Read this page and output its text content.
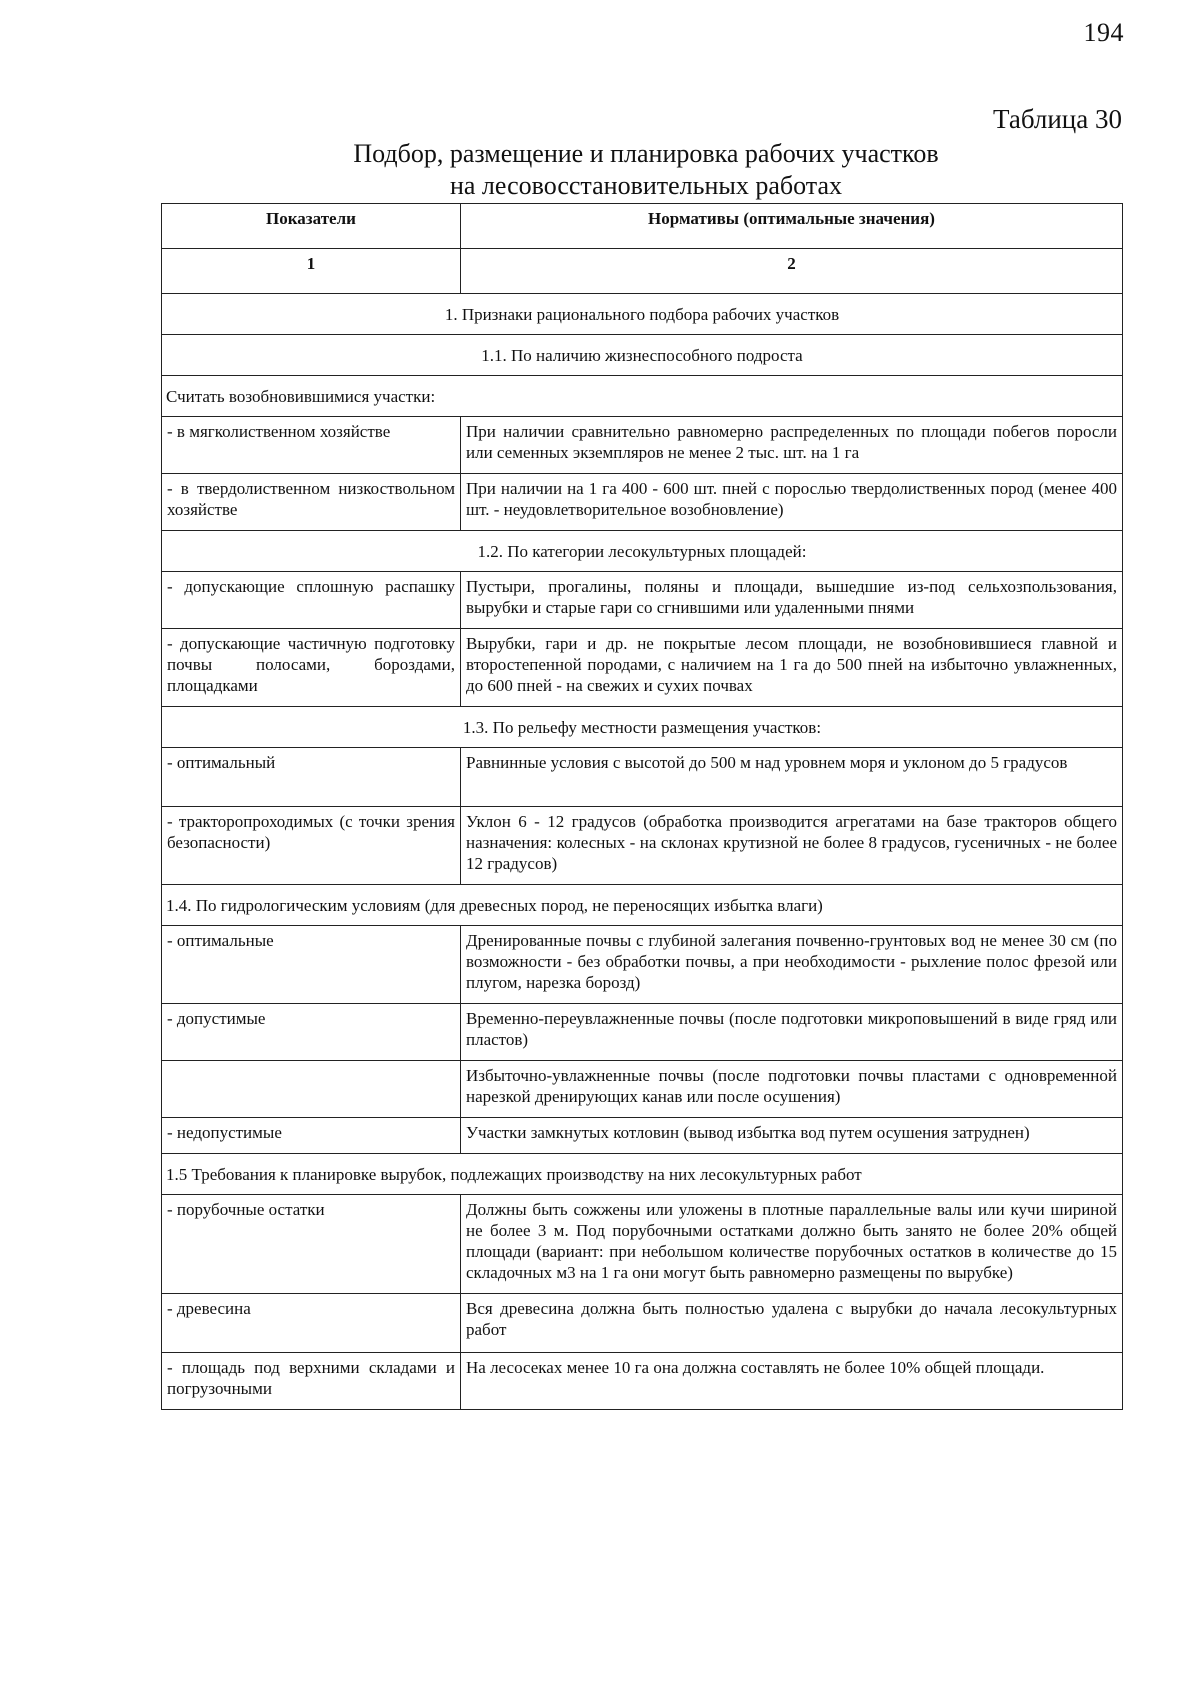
194
Таблица 30
Подбор, размещение и планировка рабочих участков
на лесовосстановительных работах
Показатели	Нормативы (оптимальные значения)
1	2
1. Признаки рационального подбора рабочих участков	
1.1. По наличию жизнеспособного подроста	
Считать возобновившимися участки:	
- в мягколиственном хозяйстве	При наличии сравнительно равномерно распределенных по площади побегов поросли или семенных экземпляров не менее 2 тыс. шт. на 1 га
- в твердолиственном низкоствольном хозяйстве	При наличии на 1 га 400 - 600 шт. пней с порослью твердолиственных пород (менее 400 шт. - неудовлетворительное возобновление)
1.2. По категории лесокультурных площадей:	
- допускающие сплошную распашку	Пустыри, прогалины, поляны и площади, вышедшие из-под сельхозпользования, вырубки и старые гари со сгнившими или удаленными пнями
- допускающие частичную подготовку почвы полосами, бороздами, площадками	Вырубки, гари и др. не покрытые лесом площади, не возобновившиеся главной и второстепенной породами, с наличием на 1 га до 500 пней на избыточно увлажненных, до 600 пней - на свежих и сухих почвах
1.3. По рельефу местности размещения участков:	
- оптимальный	Равнинные условия с высотой до 500 м над уровнем моря и уклоном до 5 градусов
- тракторопроходимых (с точки зрения безопасности)	Уклон 6 - 12 градусов (обработка производится агрегатами на базе тракторов общего назначения: колесных - на склонах крутизной не более 8 градусов, гусеничных - не более 12 градусов)
1.4. По гидрологическим условиям (для древесных пород, не переносящих избытка влаги)	
- оптимальные	Дренированные почвы с глубиной залегания почвенно-грунтовых вод не менее 30 см (по возможности - без обработки почвы, а при необходимости - рыхление полос фрезой или плугом, нарезка борозд)
- допустимые	Временно-переувлажненные почвы (после подготовки микроповышений в виде гряд или пластов)
	Избыточно-увлажненные почвы (после подготовки почвы пластами с одновременной нарезкой дренирующих канав или после осушения)
- недопустимые	Участки замкнутых котловин (вывод избытка вод путем осушения затруднен)
1.5 Требования к планировке вырубок, подлежащих производству на них лесокультурных работ	
- порубочные остатки	Должны быть сожжены или уложены в плотные параллельные валы или кучи шириной не более 3 м. Под порубочными остатками должно быть занято не более 20% общей площади (вариант: при небольшом количестве порубочных остатков в количестве до 15 складочных м3 на 1 га они могут быть равномерно размещены по вырубке)
- древесина	Вся древесина должна быть полностью удалена с вырубки до начала лесокультурных работ
- площадь под верхними складами и погрузочными	На лесосеках менее 10 га она должна составлять не более 10% общей площади.
